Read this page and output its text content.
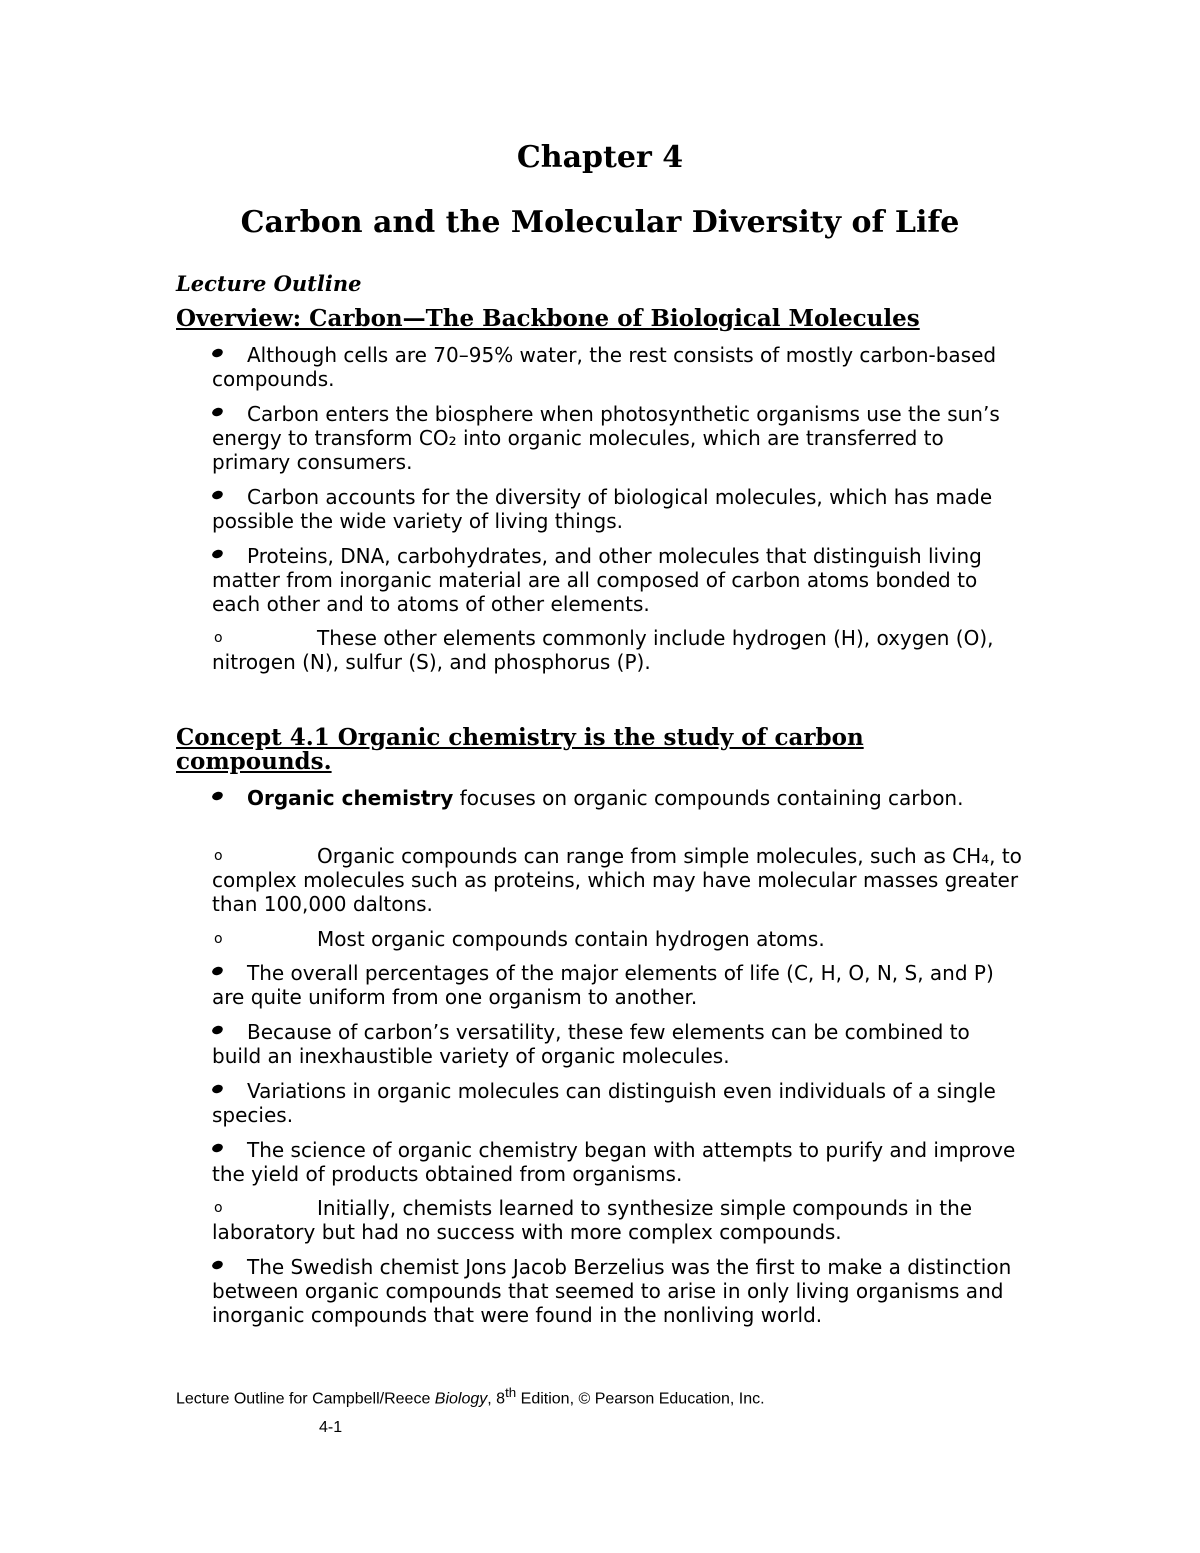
Chapter 4
Carbon and the Molecular Diversity of Life
Lecture Outline
Overview: Carbon—The Backbone of Biological Molecules
Although cells are 70–95% water, the rest consists of mostly carbon-based compounds.
Carbon enters the biosphere when photosynthetic organisms use the sun’s energy to transform CO₂ into organic molecules, which are transferred to primary consumers.
Carbon accounts for the diversity of biological molecules, which has made possible the wide variety of living things.
Proteins, DNA, carbohydrates, and other molecules that distinguish living matter from inorganic material are all composed of carbon atoms bonded to each other and to atoms of other elements.
o	These other elements commonly include hydrogen (H), oxygen (O), nitrogen (N), sulfur (S), and phosphorus (P).
Concept 4.1 Organic chemistry is the study of carbon compounds.
Organic chemistry focuses on organic compounds containing carbon.
o	Organic compounds can range from simple molecules, such as CH₄, to complex molecules such as proteins, which may have molecular masses greater than 100,000 daltons.
o	Most organic compounds contain hydrogen atoms.
The overall percentages of the major elements of life (C, H, O, N, S, and P) are quite uniform from one organism to another.
Because of carbon’s versatility, these few elements can be combined to build an inexhaustible variety of organic molecules.
Variations in organic molecules can distinguish even individuals of a single species.
The science of organic chemistry began with attempts to purify and improve the yield of products obtained from organisms.
o	Initially, chemists learned to synthesize simple compounds in the laboratory but had no success with more complex compounds.
The Swedish chemist Jons Jacob Berzelius was the first to make a distinction between organic compounds that seemed to arise in only living organisms and inorganic compounds that were found in the nonliving world.
Lecture Outline for Campbell/Reece Biology, 8th Edition, © Pearson Education, Inc.
4-1
